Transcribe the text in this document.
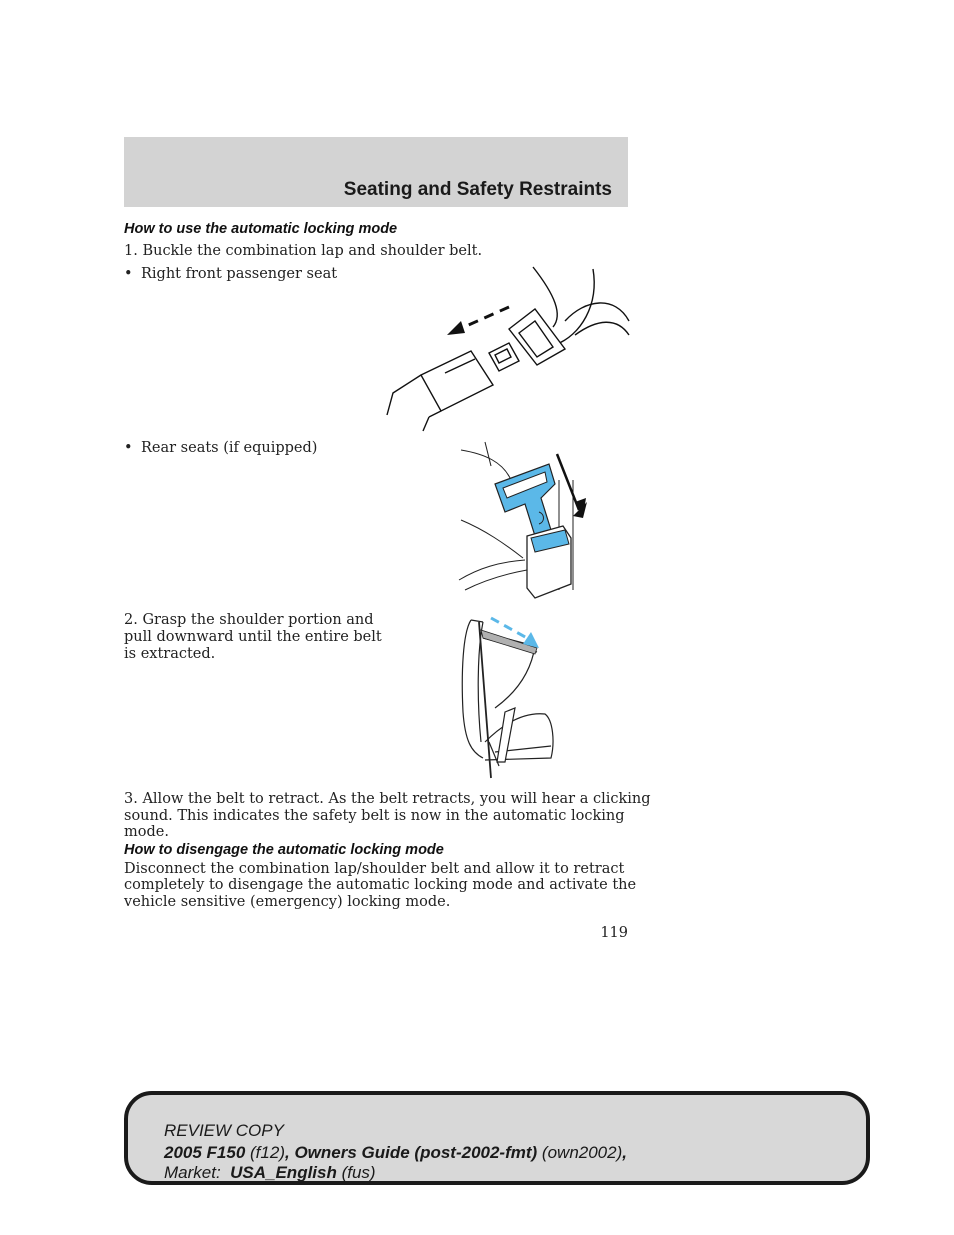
Seating and Safety Restraints
How to use the automatic locking mode
1. Buckle the combination lap and shoulder belt.
• Right front passenger seat
• Rear seats (if equipped)
2. Grasp the shoulder portion and
pull downward until the entire belt
is extracted.
3. Allow the belt to retract. As the belt retracts, you will hear a clicking
sound. This indicates the safety belt is now in the automatic locking
mode.
How to disengage the automatic locking mode
Disconnect the combination lap/shoulder belt and allow it to retract
completely to disengage the automatic locking mode and activate the
vehicle sensitive (emergency) locking mode.
119
REVIEW COPY
2005 F150 (f12), Owners Guide (post-2002-fmt) (own2002),
Market:  USA_English (fus)
